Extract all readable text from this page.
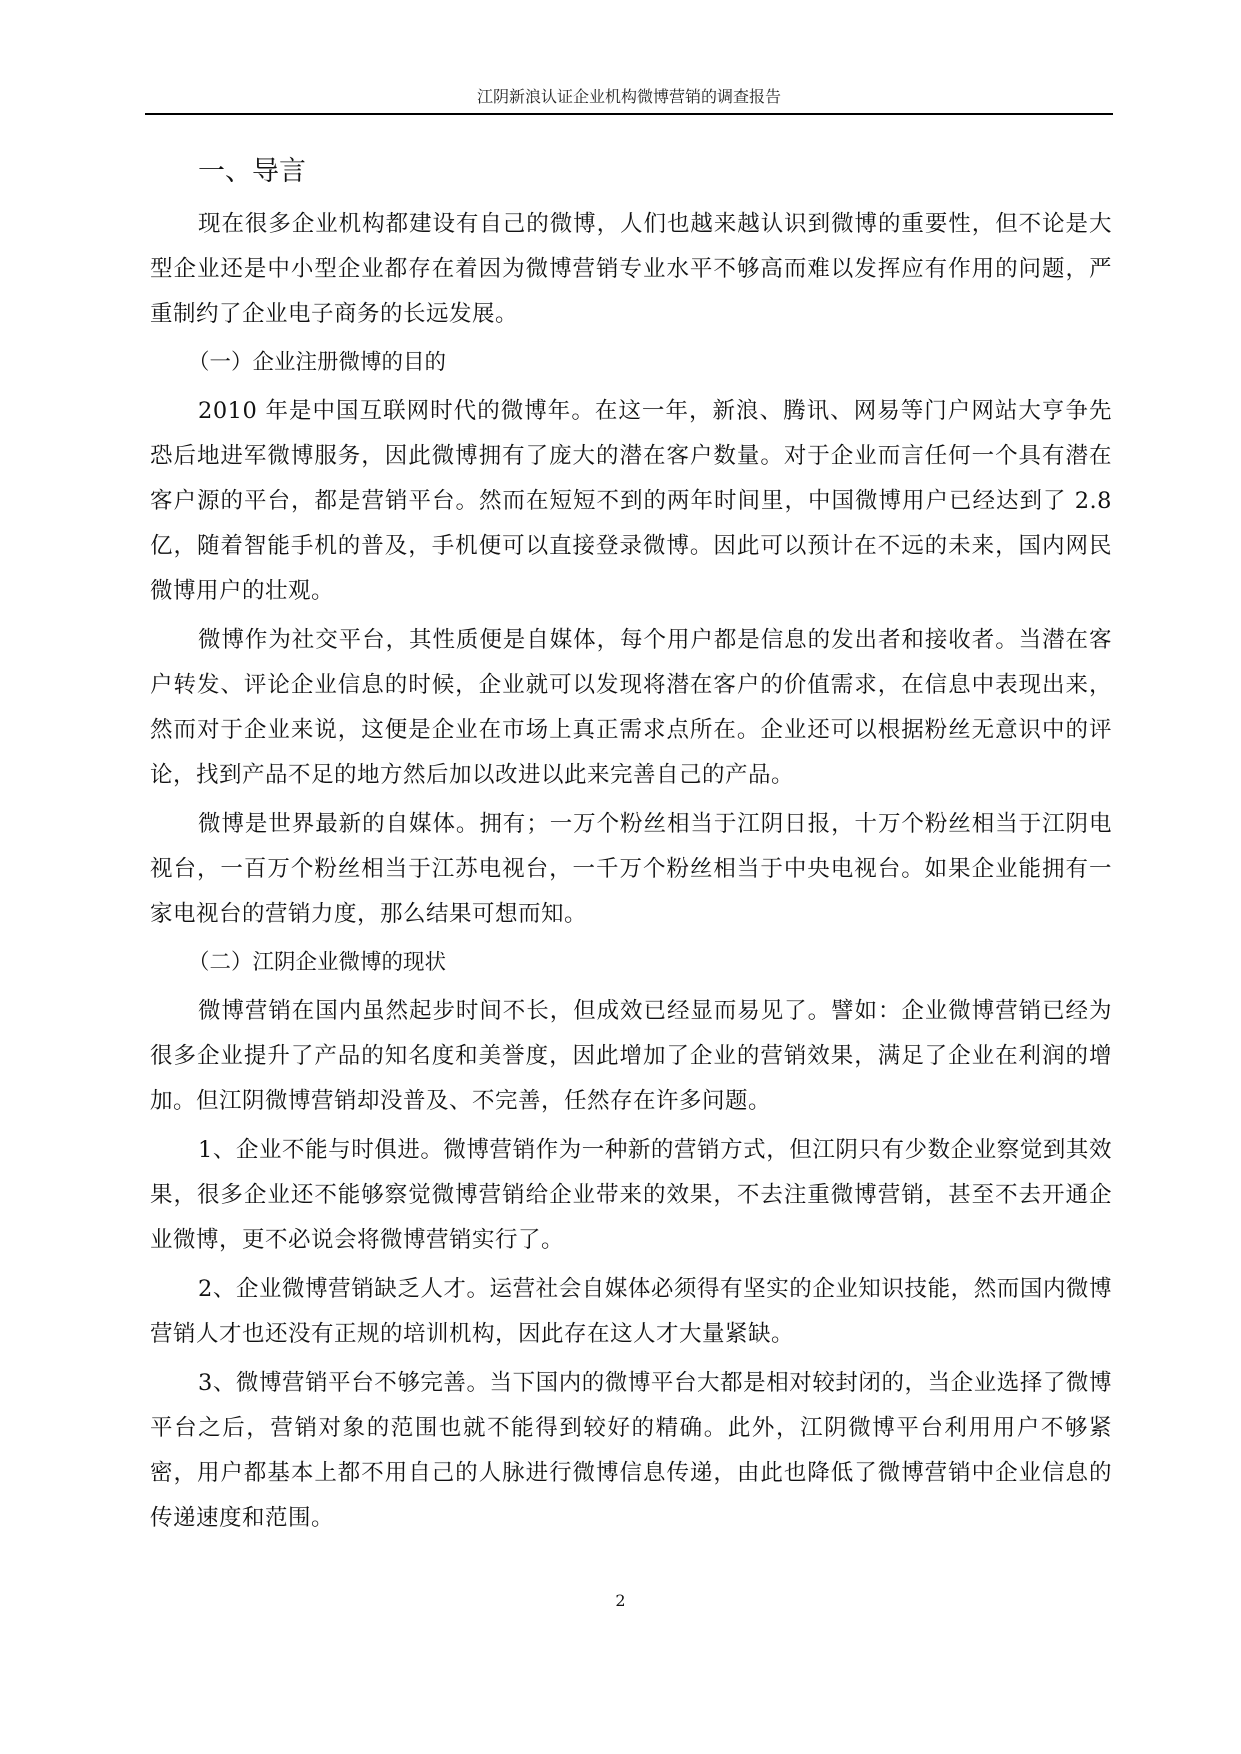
江阴新浪认证企业机构微博营销的调查报告
一、导言

现在很多企业机构都建设有自己的微博，人们也越来越认识到微博的重要性，但不论是大型企业还是中小型企业都存在着因为微博营销专业水平不够高而难以发挥应有作用的问题，严重制约了企业电子商务的长远发展。

（一）企业注册微博的目的

2010 年是中国互联网时代的微博年。在这一年，新浪、腾讯、网易等门户网站大亨争先恐后地进军微博服务，因此微博拥有了庞大的潜在客户数量。对于企业而言任何一个具有潜在客户源的平台，都是营销平台。然而在短短不到的两年时间里，中国微博用户已经达到了 2.8 亿，随着智能手机的普及，手机便可以直接登录微博。因此可以预计在不远的未来，国内网民微博用户的壮观。

微博作为社交平台，其性质便是自媒体，每个用户都是信息的发出者和接收者。当潜在客户转发、评论企业信息的时候，企业就可以发现将潜在客户的价值需求，在信息中表现出来，然而对于企业来说，这便是企业在市场上真正需求点所在。企业还可以根据粉丝无意识中的评论，找到产品不足的地方然后加以改进以此来完善自己的产品。

微博是世界最新的自媒体。拥有；一万个粉丝相当于江阴日报，十万个粉丝相当于江阴电视台，一百万个粉丝相当于江苏电视台，一千万个粉丝相当于中央电视台。如果企业能拥有一家电视台的营销力度，那么结果可想而知。

（二）江阴企业微博的现状

微博营销在国内虽然起步时间不长，但成效已经显而易见了。譬如：企业微博营销已经为很多企业提升了产品的知名度和美誉度，因此增加了企业的营销效果，满足了企业在利润的增加。但江阴微博营销却没普及、不完善，任然存在许多问题。

1、企业不能与时俱进。微博营销作为一种新的营销方式，但江阴只有少数企业察觉到其效果，很多企业还不能够察觉微博营销给企业带来的效果，不去注重微博营销，甚至不去开通企业微博，更不必说会将微博营销实行了。

2、企业微博营销缺乏人才。运营社会自媒体必须得有坚实的企业知识技能，然而国内微博营销人才也还没有正规的培训机构，因此存在这人才大量紧缺。

3、微博营销平台不够完善。当下国内的微博平台大都是相对较封闭的，当企业选择了微博平台之后，营销对象的范围也就不能得到较好的精确。此外，江阴微博平台利用用户不够紧密，用户都基本上都不用自己的人脉进行微博信息传递，由此也降低了微博营销中企业信息的传递速度和范围。

2
